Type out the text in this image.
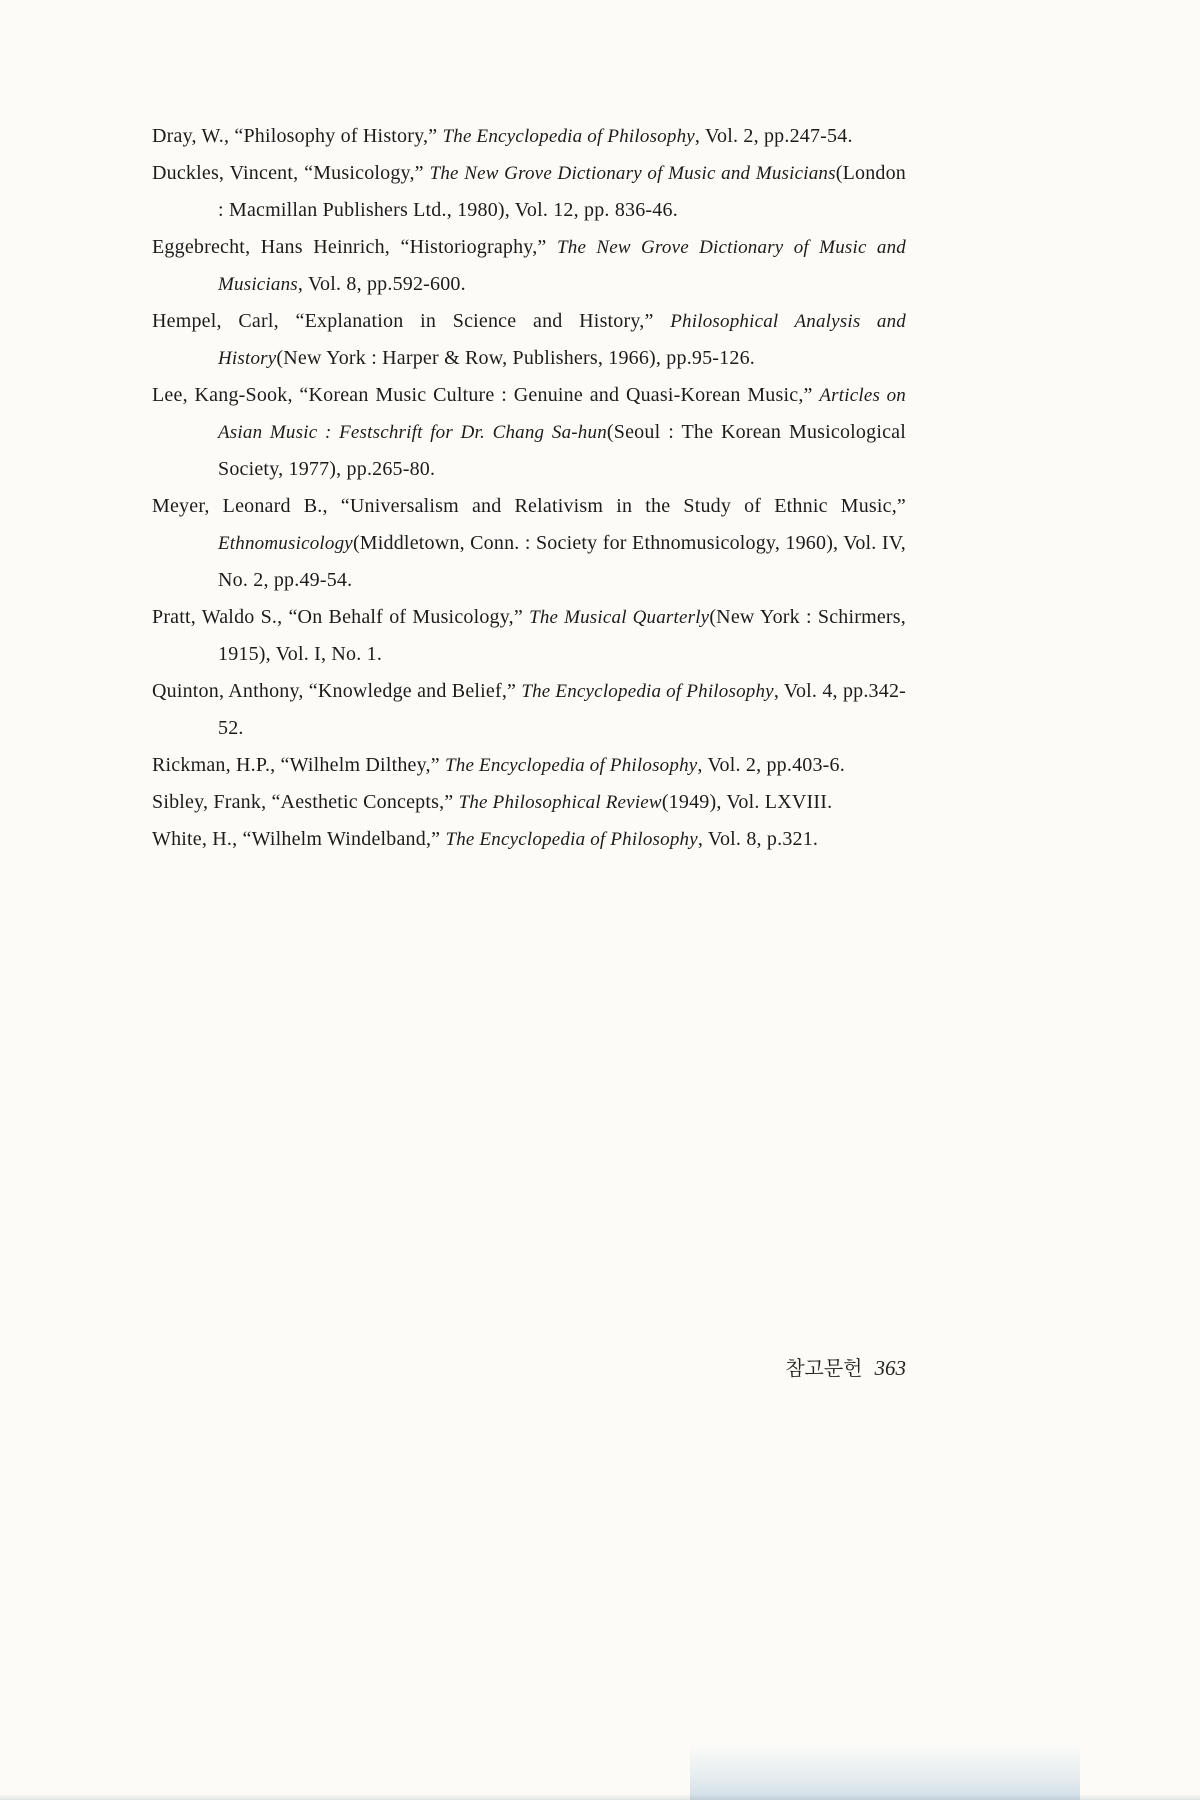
Dray, W., “Philosophy of History,” The Encyclopedia of Philosophy, Vol. 2, pp.247-54.

Duckles, Vincent, “Musicology,” The New Grove Dictionary of Music and Musicians(London : Macmillan Publishers Ltd., 1980), Vol. 12, pp. 836-46.

Eggebrecht, Hans Heinrich, “Historiography,” The New Grove Dictionary of Music and Musicians, Vol. 8, pp.592-600.

Hempel, Carl, “Explanation in Science and History,” Philosophical Analysis and History(New York : Harper & Row, Publishers, 1966), pp.95-126.

Lee, Kang-Sook, “Korean Music Culture : Genuine and Quasi-Korean Music,” Articles on Asian Music : Festschrift for Dr. Chang Sa-hun(Seoul : The Korean Musicological Society, 1977), pp.265-80.

Meyer, Leonard B., “Universalism and Relativism in the Study of Ethnic Music,” Ethnomusicology(Middletown, Conn. : Society for Ethnomusicology, 1960), Vol. IV, No. 2, pp.49-54.

Pratt, Waldo S., “On Behalf of Musicology,” The Musical Quarterly(New York : Schirmers, 1915), Vol. I, No. 1.

Quinton, Anthony, “Knowledge and Belief,” The Encyclopedia of Philosophy, Vol. 4, pp.342-52.

Rickman, H.P., “Wilhelm Dilthey,” The Encyclopedia of Philosophy, Vol. 2, pp.403-6.

Sibley, Frank, “Aesthetic Concepts,” The Philosophical Review(1949), Vol. LXVIII.

White, H., “Wilhelm Windelband,” The Encyclopedia of Philosophy, Vol. 8, p.321.

참고문헌 363
